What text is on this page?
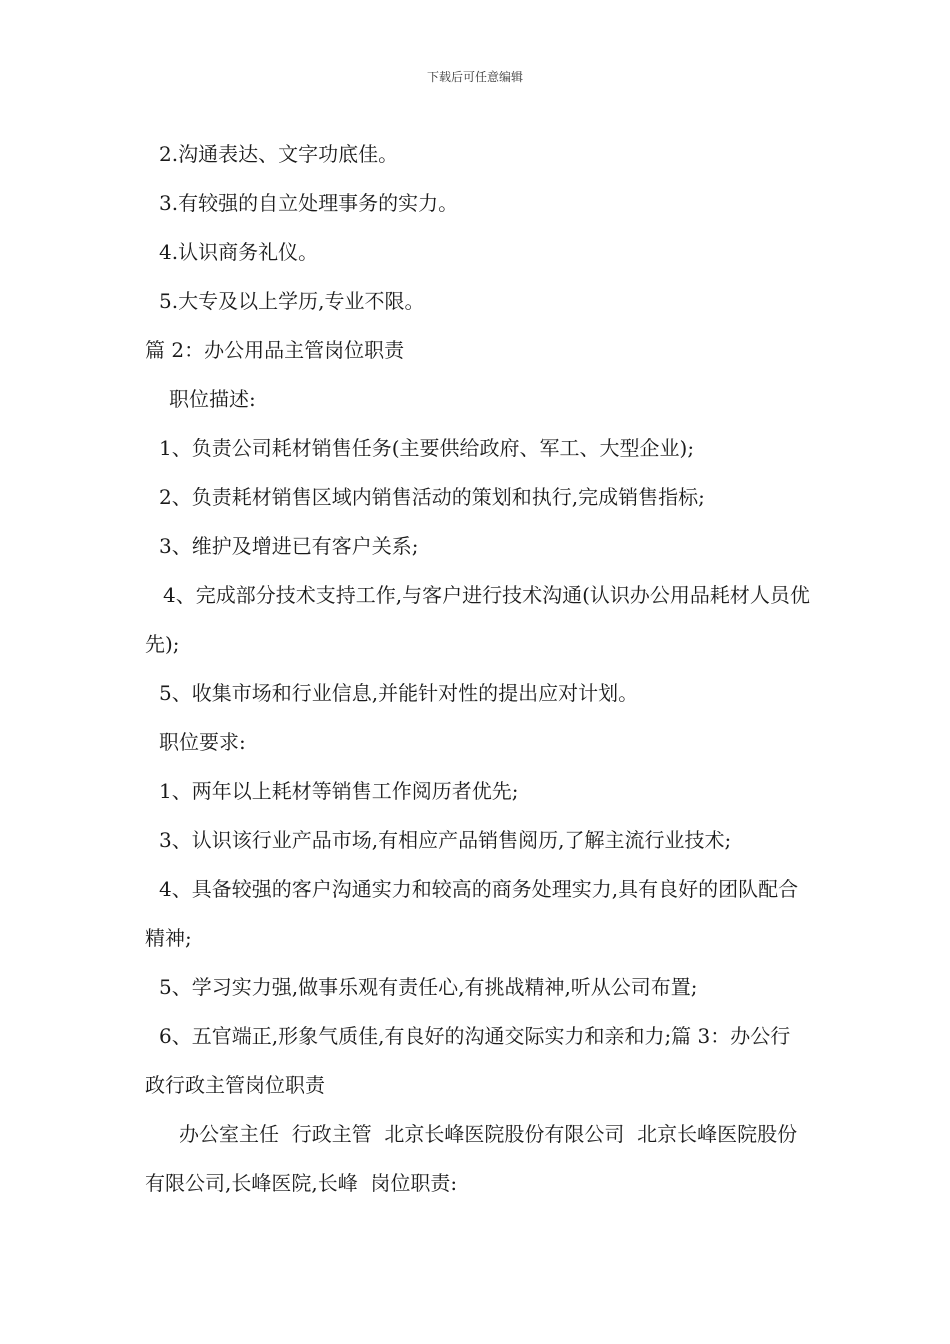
下载后可任意编辑

2.沟通表达、文字功底佳。

3.有较强的自立处理事务的实力。

4.认识商务礼仪。

5.大专及以上学历,专业不限。

篇 2：办公用品主管岗位职责

职位描述:

1、负责公司耗材销售任务(主要供给政府、军工、大型企业);

2、负责耗材销售区域内销售活动的策划和执行,完成销售指标;

3、维护及增进已有客户关系;

4、完成部分技术支持工作,与客户进行技术沟通(认识办公用品耗材人员优先);

5、收集市场和行业信息,并能针对性的提出应对计划。

职位要求:

1、两年以上耗材等销售工作阅历者优先;

3、认识该行业产品市场,有相应产品销售阅历,了解主流行业技术;

4、具备较强的客户沟通实力和较高的商务处理实力,具有良好的团队配合精神;

5、学习实力强,做事乐观有责任心,有挑战精神,听从公司布置;

6、五官端正,形象气质佳,有良好的沟通交际实力和亲和力;篇 3：办公行政行政主管岗位职责

办公室主任  行政主管  北京长峰医院股份有限公司  北京长峰医院股份有限公司,长峰医院,长峰  岗位职责:
